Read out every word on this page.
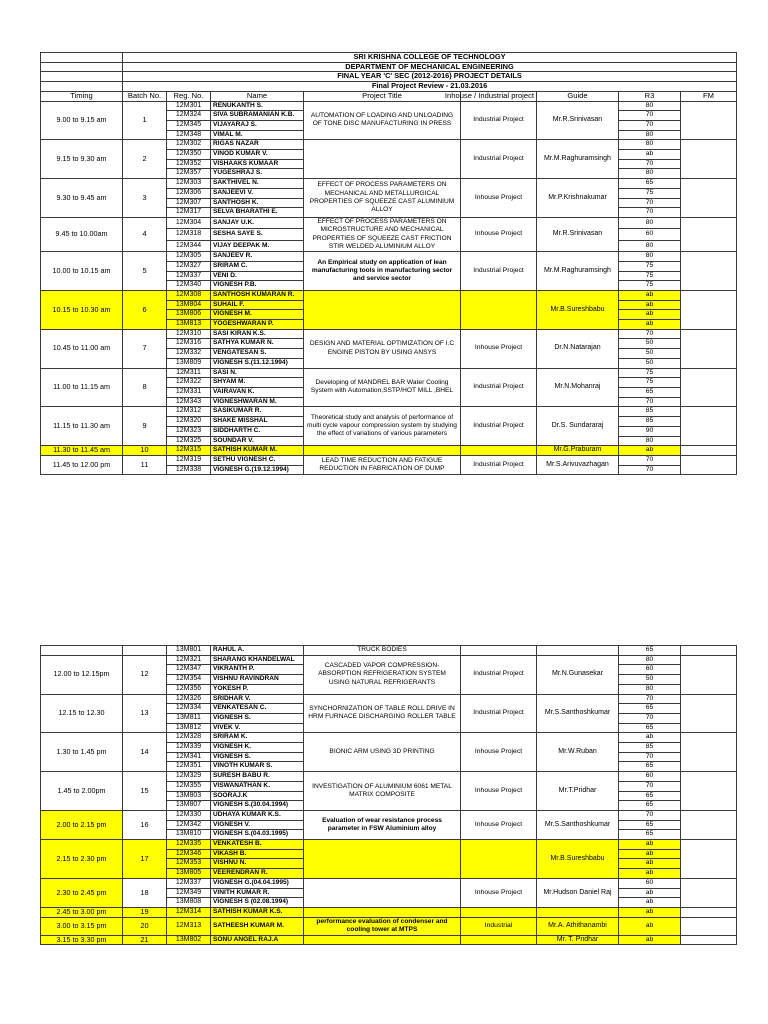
	SRI KRISHNA COLLEGE OF TECHNOLOGY							
	DEPARTMENT OF MECHANICAL ENGINEERING							
	FINAL YEAR 'C' SEC (2012-2016) PROJECT DETAILS							
	Final Project Review - 21.03.2016							
Timing	Batch No.	Reg. No.	Name	Project Title	Inhouse / Industrial project	Guide	R3	FM
9.00 to 9.15 am	1	12M301	RENUKANTH S.	AUTOMATION OF LOADING AND UNLOADING OF TONE DISC MANUFACTURING IN PRESS	Industrial Project	Mr.R.Srinivasan	80	
		12M324	SIVA SUBRAMANIAN K.B.				70	
		12M345	VIJAYARAJ S.				70	
		12M348	VIMAL M.				80	
9.15 to 9.30 am	2	12M302	RIGAS NAZAR		Industrial Project	Mr.M.Raghuramsingh	80	
		12M350	VINOD KUMAR V.				ab	
		12M352	VISHAAKS KUMAAR				70	
		12M357	YUGESHRAJ S.				80	
9.30 to 9.45 am	3	12M303	SAKTHIVEL N.	EFFECT OF PROCESS PARAMETERS ON MECHANICAL AND METALLURGICAL PROPERTIES OF SQUEEZE CAST ALUMINIUM ALLOY	Inhouse Project	Mr.P.Krishnakumar	65	
		12M306	SANJEEVI V.				75	
		12M307	SANTHOSH K.				70	
		12M317	SELVA BHARATHI E.				70	
9.45 to 10.00am	4	12M304	SANJAY U.K.	EFFECT OF PROCESS PARAMETERS ON MICROSTRUCTURE AND MECHANICAL PROPERTIES OF SQUEEZE CAST FRICTION STIR WELDED ALUMINIUM ALLOY	Inhouse Project	Mr.R.Srinivasan	80	
		12M318	SESHA SAYE S.				60	
		12M344	VIJAY DEEPAK M.				80	
10.00 to 10.15 am	5	12M305	SANJEEV R.	An Empirical study on application of lean manufacturing tools in manufacturing sector and service sector	Industrial Project	Mr.M.Raghuramsingh	80	
		12M327	SRIRAM C.				75	
		12M337	VENI D.				75	
		12M340	VIGNESH P.B.				75	
10.15 to 10.30 am	6	12M308	SANTHOSH KUMARAN R.			Mr.B.Sureshbabu	ab	
		13M804	SUHAIL F.				ab	
		13M806	VIGNESH M.				ab	
		13M813	YOGESHWARAN P.				ab	
10.45 to 11.00 am	7	12M310	SASI KIRAN K.S.	DESIGN AND MATERIAL OPTIMIZATION OF I.C ENGINE PISTON BY USING ANSYS	Inhouse Project	Dr.N.Natarajan	70	
		12M316	SATHYA KUMAR N.				50	
		12M332	VENGATESAN S.				50	
		13M809	VIGNESH S.(11.12.1994)				50	
11.00 to 11.15 am	8	12M311	SASI N.	Developing of MANDREL BAR Water Cooling System with Automation,SSTP/HOT MILL ,BHEL	Industrial Project	Mr.N.Mohanraj	75	
		12M322	SHYAM M.				75	
		12M331	VAIRAVAN K.				65	
		12M343	VIGNESHWARAN M.				70	
11.15 to 11.30 am	9	12M312	SASIKUMAR R.	Theoretical study and analysis of performance of multi cycle vapour compression system by studying the effect of variations of various parameters	Industrial Project	Dr.S. Sundararaj	85	
		12M320	SHAKE MISSHAL				85	
		12M323	SIDDHARTH C.				90	
		12M325	SOUNDAR V.				80	
11.30 to 11.45 am	10	12M315	SATHISH KUMAR M.			Mr.G.Praburam	ab	
11.45 to 12.00 pm	11	12M319	SETHU VIGNESH C.	LEAD TIME REDUCTION AND FATIGUE REDUCTION IN FABRICATION OF DUMP	Industrial Project	Mr.S.Arivuvazhagan	70	
		12M338	VIGNESH G.(19.12.1994)				70	
		13M801	RAHUL A.	TRUCK BODIES			65	
12.00 to 12.15pm	12	12M321	SHARANG KHANDELWAL	CASCADED VAPOR COMPRESSION-ABSORPTION REFRIGERATION SYSTEM USING NATURAL REFRIGERANTS	Industrial Project	Mr.N.Gunasekar	80	
		12M347	VIKRANTH P.				60	
		12M354	VISHNU RAVINDRAN				50	
		12M356	YOKESH P.				80	
12.15 to 12.30	13	12M326	SRIDHAR V.	SYNCHORNIZATION OF TABLE ROLL DRIVE IN HRM FURNACE DISCHARGING ROLLER TABLE	Industrial Project	Mr.S.Santhoshkumar	70	
		12M334	VENKATESAN C.				65	
		13M811	VIGNESH S.				70	
		13M812	VIVEK V.				65	
1.30 to 1.45 pm	14	12M328	SRIRAM K.	BIONIC ARM USING 3D PRINTING	Inhouse Project	Mr.W.Ruban	ab	
		12M339	VIGNESH K.				85	
		12M341	VIGNESH S.				70	
		12M351	VINOTH KUMAR S.				65	
1.45 to 2.00pm	15	12M329	SURESH BABU R.	INVESTIGATION OF ALUMINIUM 6061 METAL MATRIX COMPOSITE	Inhouse Project	Mr.T.Pridhar	60	
		12M355	VISWANATHAN K.				70	
		13M803	SOORAJ.K				65	
		13M807	VIGNESH S.(30.04.1994)				65	
2.00 to 2.15 pm	16	12M330	UDHAYA KUMAR K.S.	Evaluation of wear resistance process parameter in FSW Aluminium alloy	Inhouse Project	Mr.S.Santhoshkumar	70	
		12M342	VIGNESH V.				65	
		13M810	VIGNESH S.(04.03.1995)				65	
2.15 to 2.30 pm	17	12M335	VENKATESH B.			Mr.B.Sureshbabu	ab	
		12M346	VIKASH B.				ab	
		12M353	VISHNU N.				ab	
		13M805	VEERENDRAN R.				ab	
2.30 to 2.45 pm	18	12M337	VIGNESH G.(04.04.1995)		Inhouse Project	Mr.Hudson Daniel Raj	60	
		12M349	VINITH KUMAR R.				ab	
		13M808	VIGNESH S (02.08.1994)				ab	
2.45 to 3.00 pm	19	12M314	SATHISH KUMAR K.S.				ab	
3.00 to 3.15 pm	20	12M313	SATHEESH KUMAR M.	performance evaluation of condenser and cooling tower at MTPS	Industrial	Mr.A. Athithanambi	ab	
3.15 to 3.30 pm	21	13M802	SONU ANGEL RAJ.A			Mr. T. Pridhar	ab	
